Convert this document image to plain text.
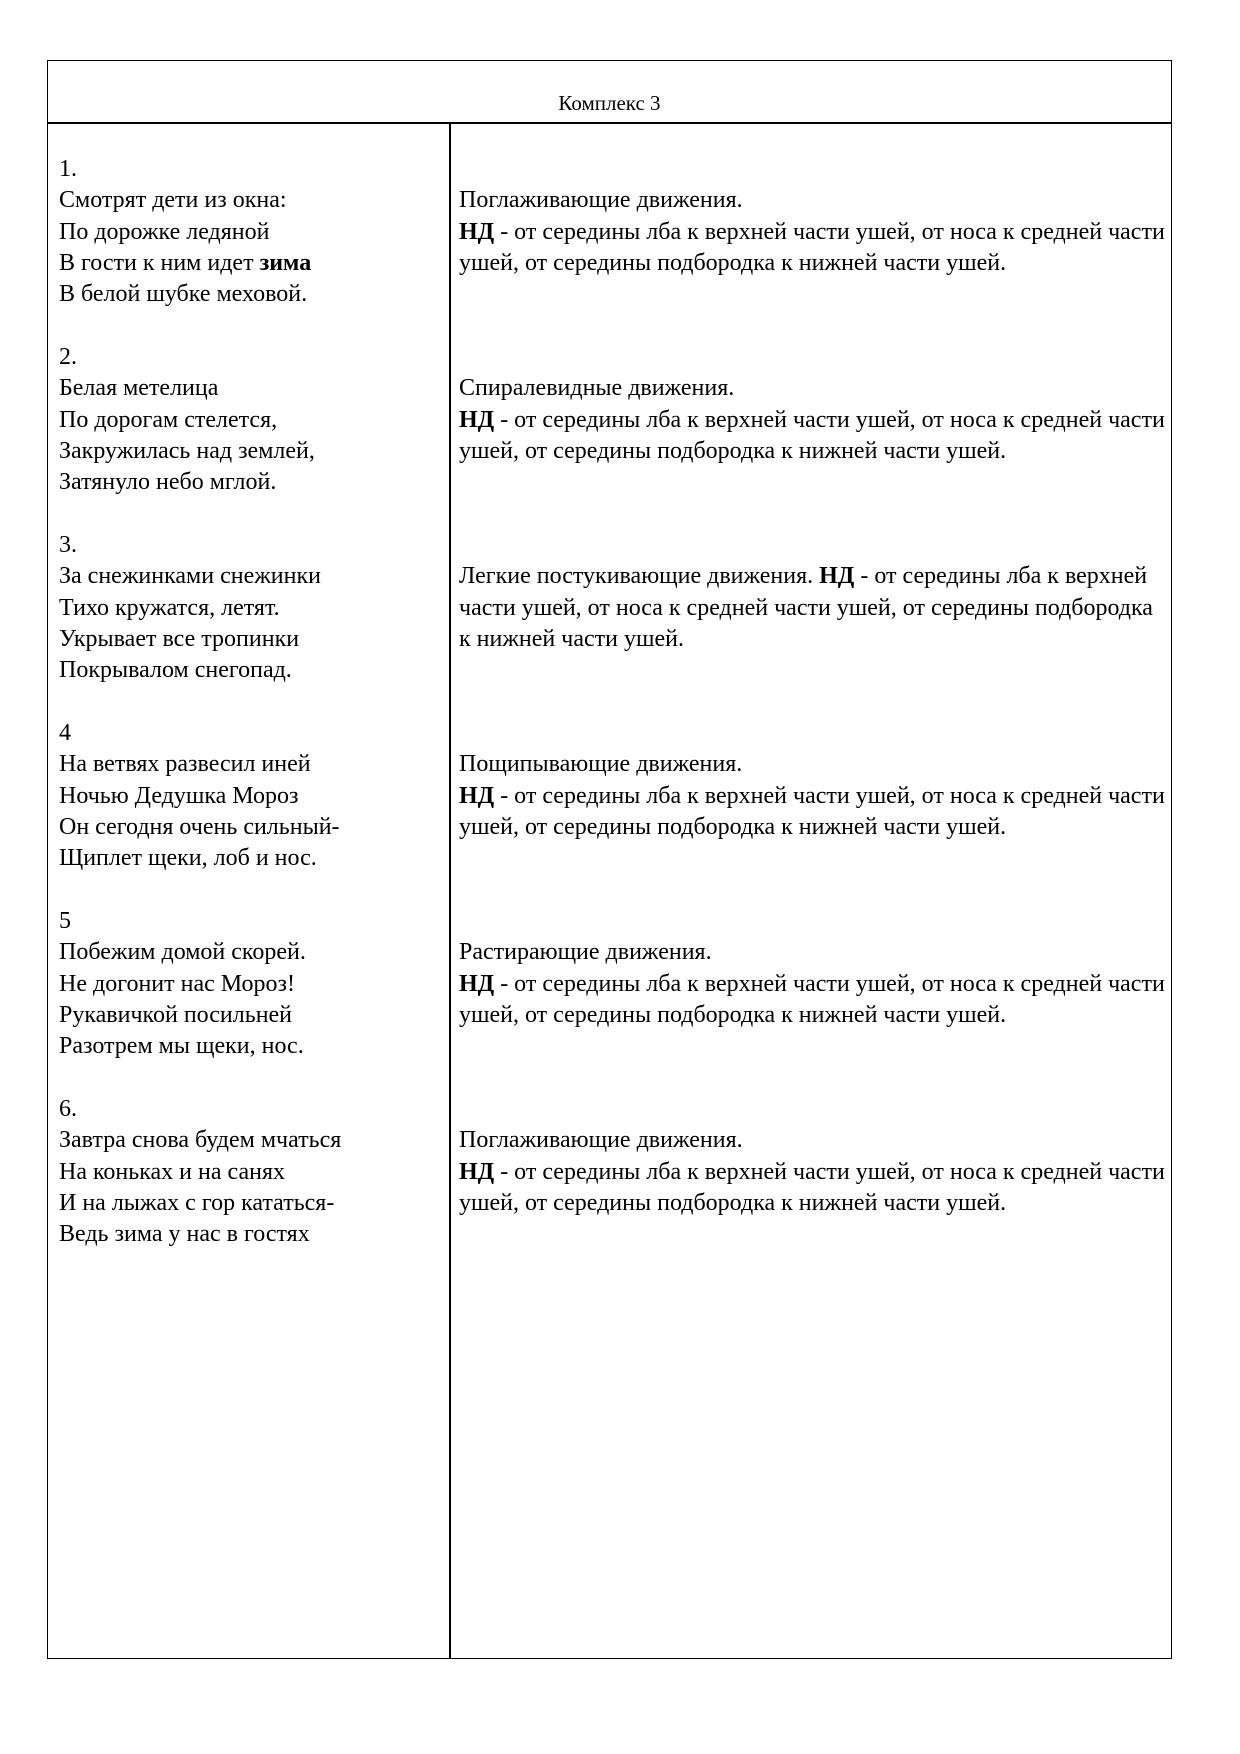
Комплекс 3
1.
Смотрят дети из окна:
По дорожке ледяной
В гости к ним идет зима
В белой шубке меховой.
Поглаживающие движения.
НД - от середины лба к верхней части ушей, от носа к средней части ушей, от середины подбородка к нижней части ушей.
2.
Белая метелица
По дорогам стелется,
Закружилась над землей,
Затянуло небо мглой.
Спиралевидные движения.
НД - от середины лба к верхней части ушей, от носа к средней части ушей, от середины подбородка к нижней части ушей.
3.
За снежинками снежинки
Тихо кружатся, летят.
Укрывает все тропинки
Покрывалом снегопад.
Легкие постукивающие движения. НД - от середины лба к верхней части ушей, от носа к средней части ушей, от середины подбородка к нижней части ушей.
4
На ветвях развесил иней
Ночью Дедушка Мороз
Он сегодня очень сильный-
Щиплет щеки, лоб и нос.
Пощипывающие движения.
НД - от середины лба к верхней части ушей, от носа к средней части ушей, от середины подбородка к нижней части ушей.
5
Побежим домой скорей.
Не догонит нас Мороз!
Рукавичкой посильней
Разотрем мы щеки, нос.
Растирающие движения.
НД - от середины лба к верхней части ушей, от носа к средней части ушей, от середины подбородка к нижней части ушей.
6.
Завтра снова будем мчаться
На коньках и на санях
И на лыжах с гор кататься-
Ведь зима у нас в гостях
Поглаживающие движения.
НД - от середины лба к верхней части ушей, от носа к средней части ушей, от середины подбородка к нижней части ушей.
